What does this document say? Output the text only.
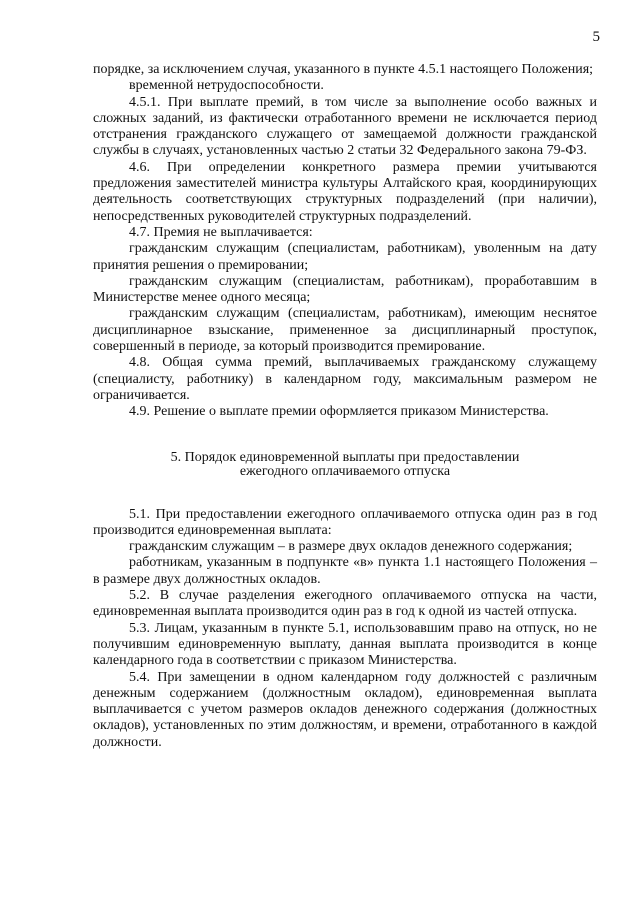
5

порядке, за исключением случая, указанного в пункте 4.5.1 настоящего Положения;

временной нетрудоспособности.

4.5.1. При выплате премий, в том числе за выполнение особо важных и сложных заданий, из фактически отработанного времени не исключается период отстранения гражданского служащего от замещаемой должности гражданской службы в случаях, установленных частью 2 статьи 32 Федерального закона 79-ФЗ.

4.6. При определении конкретного размера премии учитываются предложения заместителей министра культуры Алтайского края, координирующих деятельность соответствующих структурных подразделений (при наличии), непосредственных руководителей структурных подразделений.

4.7. Премия не выплачивается:

гражданским служащим (специалистам, работникам), уволенным на дату принятия решения о премировании;

гражданским служащим (специалистам, работникам), проработавшим в Министерстве менее одного месяца;

гражданским служащим (специалистам, работникам), имеющим неснятое дисциплинарное взыскание, примененное за дисциплинарный проступок, совершенный в периоде, за который производится премирование.

4.8. Общая сумма премий, выплачиваемых гражданскому служащему (специалисту, работнику) в календарном году, максимальным размером не ограничивается.

4.9. Решение о выплате премии оформляется приказом Министерства.

5. Порядок единовременной выплаты при предоставлении
ежегодного оплачиваемого отпуска

5.1. При предоставлении ежегодного оплачиваемого отпуска один раз в год производится единовременная выплата:

гражданским служащим – в размере двух окладов денежного содержания;

работникам, указанным в подпункте «в» пункта 1.1 настоящего Положения – в размере двух должностных окладов.

5.2. В случае разделения ежегодного оплачиваемого отпуска на части, единовременная выплата производится один раз в год к одной из частей отпуска.

5.3. Лицам, указанным в пункте 5.1, использовавшим право на отпуск, но не получившим единовременную выплату, данная выплата производится в конце календарного года в соответствии с приказом Министерства.

5.4. При замещении в одном календарном году должностей с различным денежным содержанием (должностным окладом), единовременная выплата выплачивается с учетом размеров окладов денежного содержания (должностных окладов), установленных по этим должностям, и времени, отработанного в каждой должности.
